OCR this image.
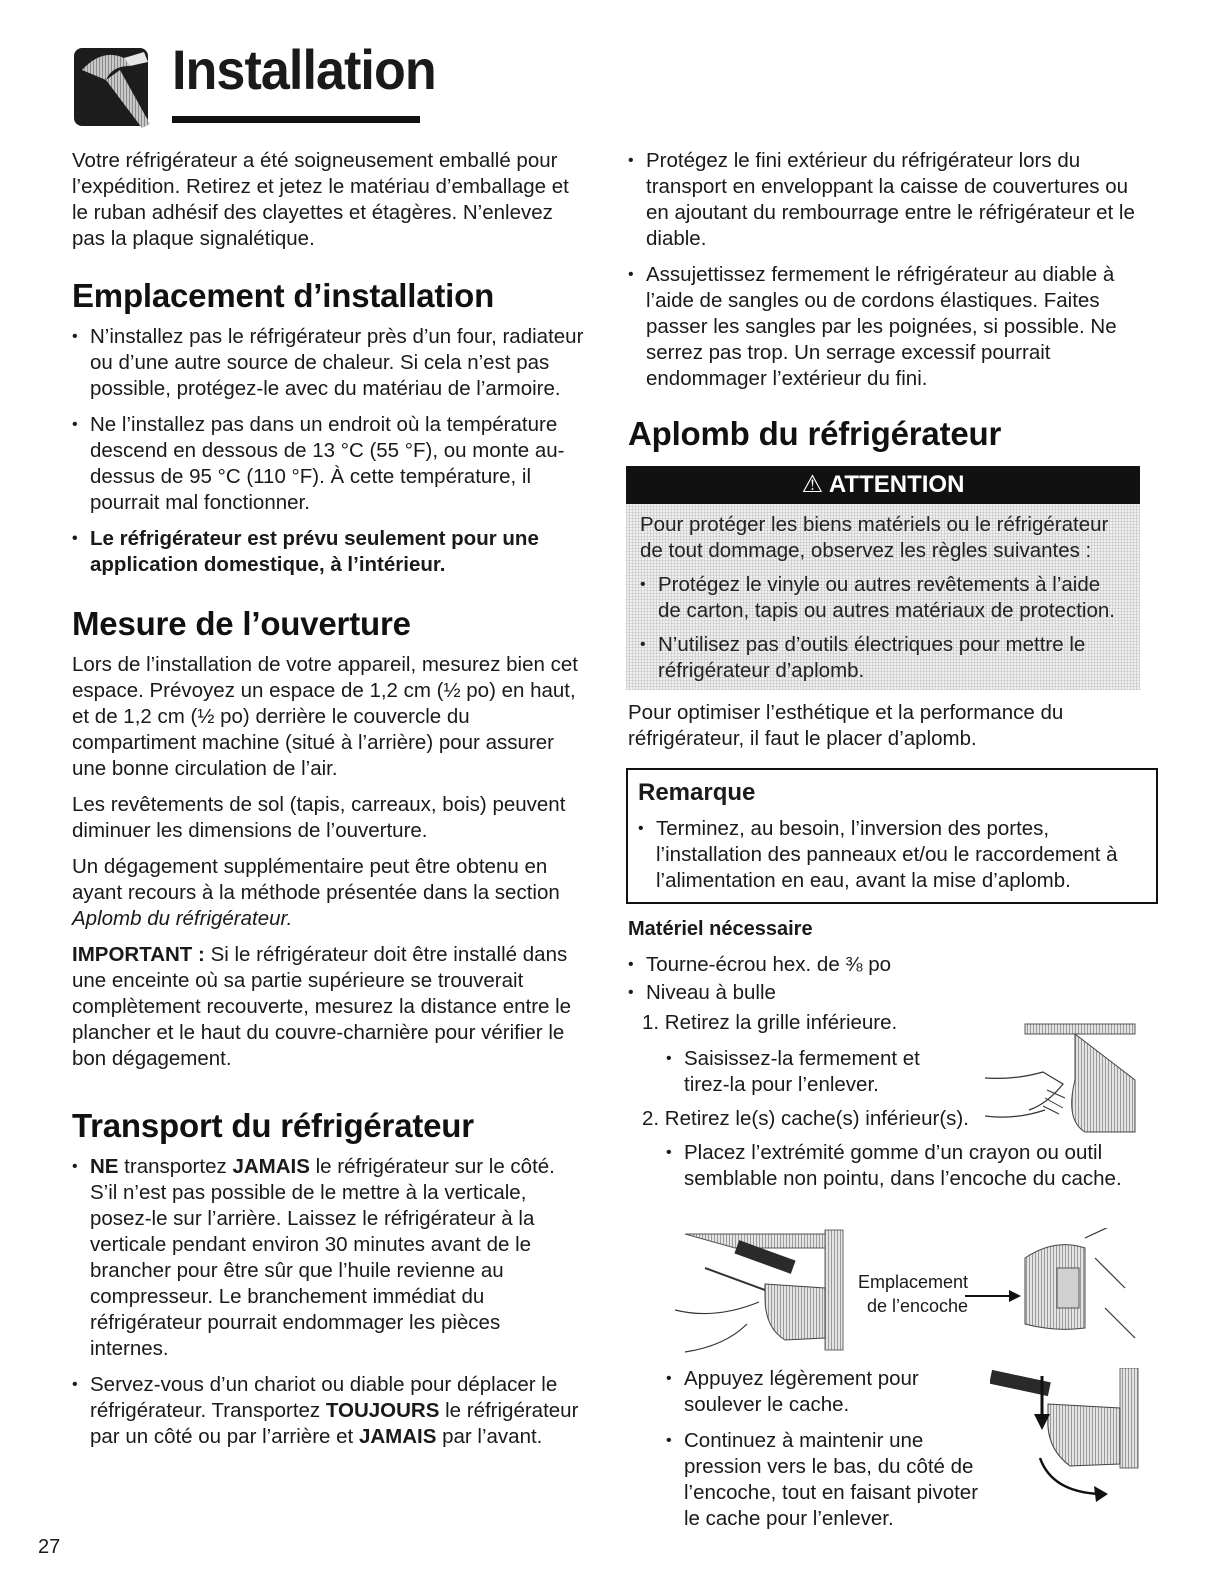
Installation

Votre réfrigérateur a été soigneusement emballé pour l’expédition. Retirez et jetez le matériau d’emballage et le ruban adhésif des clayettes et étagères. N’enlevez pas la plaque signalétique.

Emplacement d’installation
• N’installez pas le réfrigérateur près d’un four, radiateur ou d’une autre source de chaleur. Si cela n’est pas possible, protégez-le avec du matériau de l’armoire.
• Ne l’installez pas dans un endroit où la température descend en dessous de 13 °C (55 °F), ou monte au-dessus de 95 °C (110 °F). À cette température, il pourrait mal fonctionner.
• Le réfrigérateur est prévu seulement pour une application domestique, à l’intérieur.
Mesure de l’ouverture

Lors de l’installation de votre appareil, mesurez bien cet espace. Prévoyez un espace de 1,2 cm (½ po) en haut, et de 1,2 cm (½ po) derrière le couvercle du compartiment machine (situé à l’arrière) pour assurer une bonne circulation de l’air.

Les revêtements de sol (tapis, carreaux, bois) peuvent diminuer les dimensions de l’ouverture.

Un dégagement supplémentaire peut être obtenu en ayant recours à la méthode présentée dans la section Aplomb du réfrigérateur.

IMPORTANT : Si le réfrigérateur doit être installé dans une enceinte où sa partie supérieure se trouverait complètement recouverte, mesurez la distance entre le plancher et le haut du couvre-charnière pour vérifier le bon dégagement.

Transport du réfrigérateur
• NE transportez JAMAIS le réfrigérateur sur le côté. S’il n’est pas possible de le mettre à la verticale, posez-le sur l’arrière. Laissez le réfrigérateur à la verticale pendant environ 30 minutes avant de le brancher pour être sûr que l’huile revienne au compresseur. Le branchement immédiat du réfrigérateur pourrait endommager les pièces internes.
• Servez-vous d’un chariot ou diable pour déplacer le réfrigérateur. Transportez TOUJOURS le réfrigérateur par un côté ou par l’arrière et JAMAIS par l’avant.
27
• Protégez le fini extérieur du réfrigérateur lors du transport en enveloppant la caisse de couvertures ou en ajoutant du rembourrage entre le réfrigérateur et le diable.
• Assujettissez fermement le réfrigérateur au diable à l’aide de sangles ou de cordons élastiques. Faites passer les sangles par les poignées, si possible. Ne serrez pas trop. Un serrage excessif pourrait endommager l’extérieur du fini.
Aplomb du réfrigérateur
⚠ ATTENTION

Pour protéger les biens matériels ou le réfrigérateur de tout dommage, observez les règles suivantes :

• Protégez le vinyle ou autres revêtements à l’aide de carton, tapis ou autres matériaux de protection.
• N’utilisez pas d’outils électriques pour mettre le réfrigérateur d’aplomb.

Pour optimiser l’esthétique et la performance du réfrigérateur, il faut le placer d’aplomb.

Remarque
• Terminez, au besoin, l’inversion des portes, l’installation des panneaux et/ou le raccordement à l’alimentation en eau, avant la mise d’aplomb.
Matériel nécessaire
• Tourne-écrou hex. de ⅜ po
• Niveau à bulle
1. Retirez la grille inférieure.
• Saisissez-la fermement et tirez-la pour l’enlever.
2. Retirez le(s) cache(s) inférieur(s).
• Placez l’extrémité gomme d’un crayon ou outil semblable non pointu, dans l’encoche du cache.
Emplacement
de l’encoche
• Appuyez légèrement pour soulever le cache.
• Continuez à maintenir une pression vers le bas, du côté de l’encoche, tout en faisant pivoter le cache pour l’enlever.
